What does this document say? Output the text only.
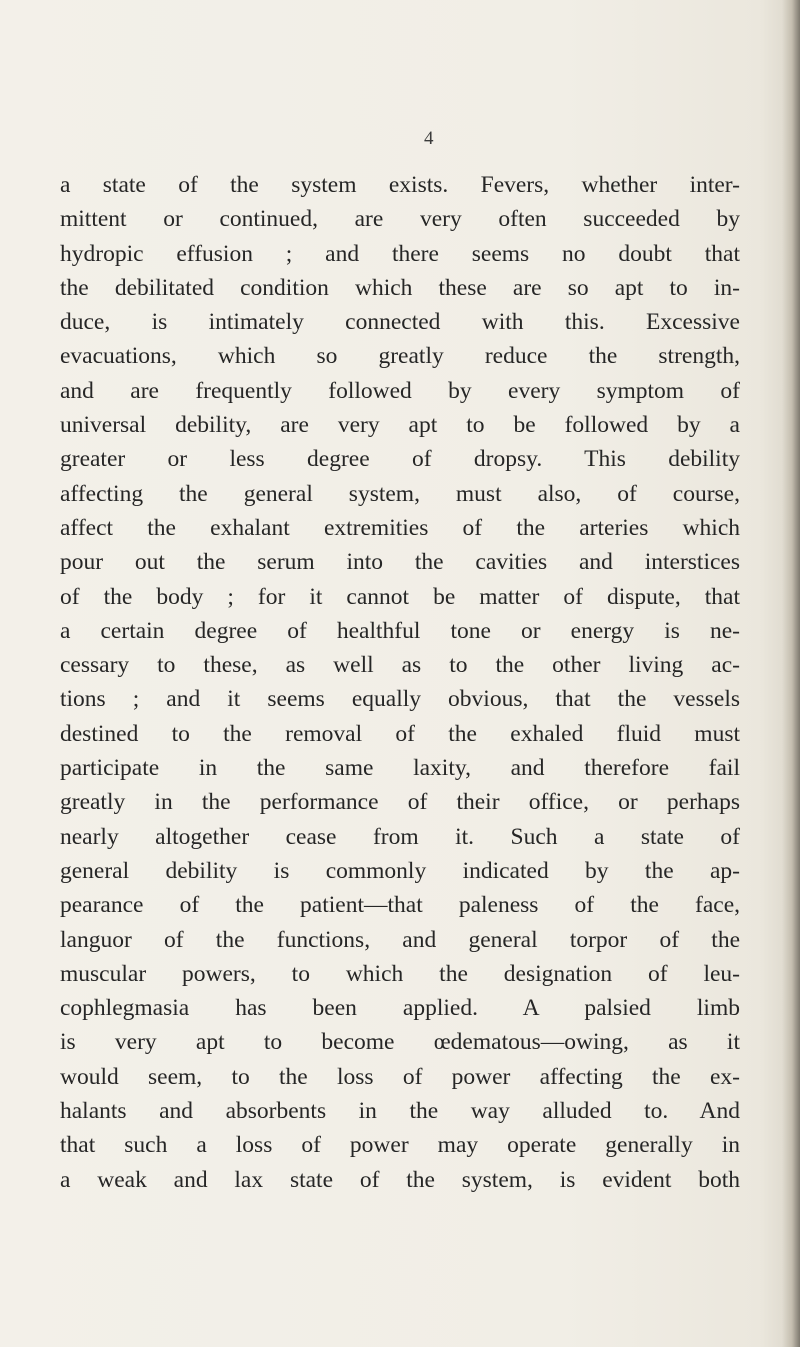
4

a state of the system exists. Fevers, whether inter-
mittent or continued, are very often succeeded by
hydropic effusion ; and there seems no doubt that
the debilitated condition which these are so apt to in-
duce, is intimately connected with this. Excessive
evacuations, which so greatly reduce the strength,
and are frequently followed by every symptom of
universal debility, are very apt to be followed by a
greater or less degree of dropsy. This debility
affecting the general system, must also, of course,
affect the exhalant extremities of the arteries which
pour out the serum into the cavities and interstices
of the body ; for it cannot be matter of dispute, that
a certain degree of healthful tone or energy is ne-
cessary to these, as well as to the other living ac-
tions ; and it seems equally obvious, that the vessels
destined to the removal of the exhaled fluid must
participate in the same laxity, and therefore fail
greatly in the performance of their office, or perhaps
nearly altogether cease from it. Such a state of
general debility is commonly indicated by the ap-
pearance of the patient—that paleness of the face,
languor of the functions, and general torpor of the
muscular powers, to which the designation of leu-
cophlegmasia has been applied. A palsied limb
is very apt to become œdematous—owing, as it
would seem, to the loss of power affecting the ex-
halants and absorbents in the way alluded to. And
that such a loss of power may operate generally in
a weak and lax state of the system, is evident both
